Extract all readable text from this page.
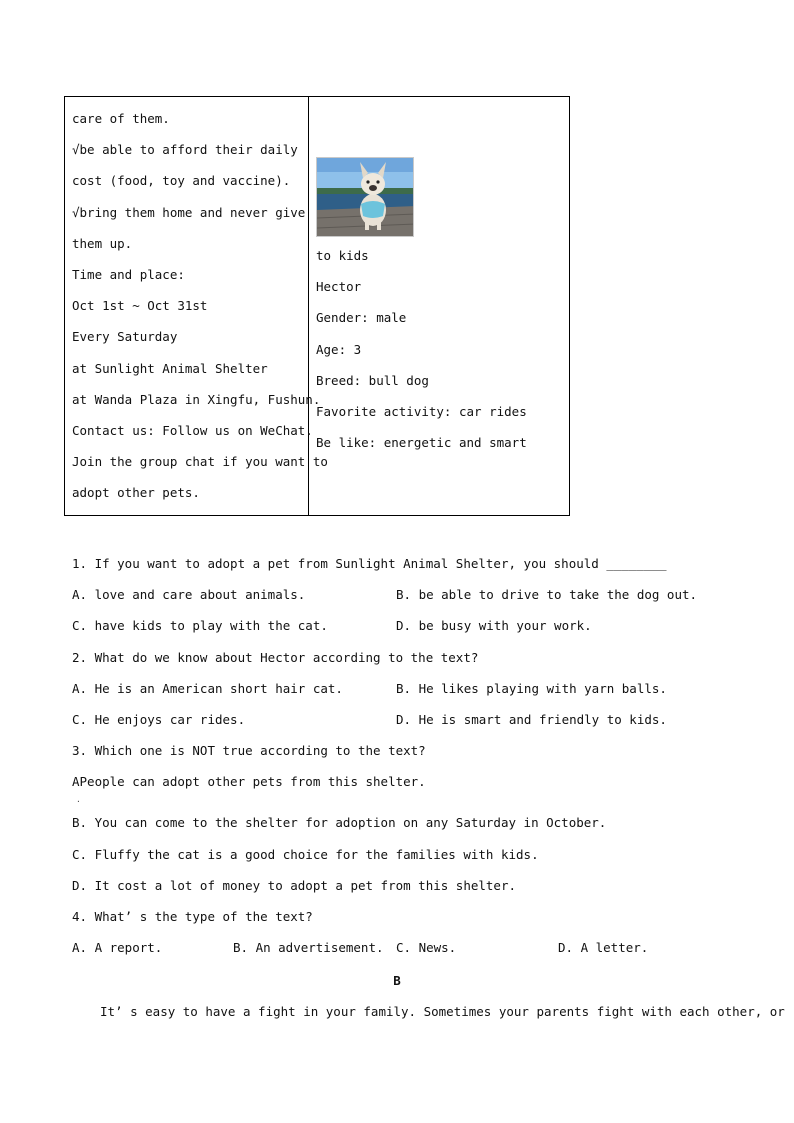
care of them.
√be able to afford their daily
cost (food, toy and vaccine).
√bring them home and never give
them up.
Time and place:
Oct 1st ~ Oct 31st
Every Saturday
at Sunlight Animal Shelter
at Wanda Plaza in Xingfu, Fushun.
Contact us: Follow us on WeChat.
Join the group chat if you want to
adopt other pets.
to kids
Hector
Gender: male
Age: 3
Breed: bull dog
Favorite activity: car rides
Be like: energetic and smart
1. If you want to adopt a pet from Sunlight Animal Shelter, you should ________
A. love and care about animals.	B. be able to drive to take the dog out.
C. have kids to play with the cat.	D. be busy with your work.
2. What do we know about Hector according to the text?
A. He is an American short hair cat.	B. He likes playing with yarn balls.
C. He enjoys car rides.	D. He is smart and friendly to kids.
3. Which one is NOT true according to the text?
APeople can adopt other pets from this shelter.
·
B. You can come to the shelter for adoption on any Saturday in October.
C. Fluffy the cat is a good choice for the families with kids.
D. It cost a lot of money to adopt a pet from this shelter.
4. What’ s the type of the text?
A. A report.	B. An advertisement. C. News.	D. A letter.
B
It’ s easy to have a fight in your family. Sometimes your parents fight with each other, or
